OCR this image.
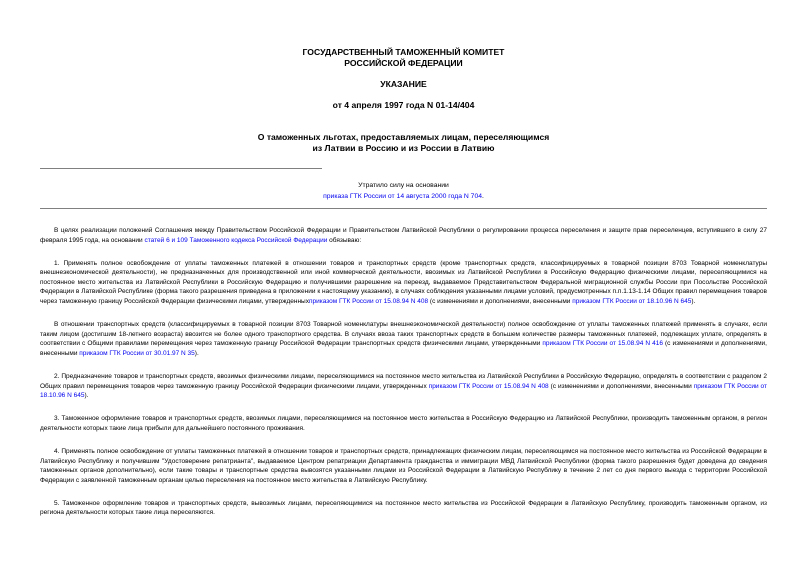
ГОСУДАРСТВЕННЫЙ ТАМОЖЕННЫЙ КОМИТЕТ
РОССИЙСКОЙ ФЕДЕРАЦИИ
УКАЗАНИЕ
от 4 апреля 1997 года N 01-14/404
О таможенных льготах, предоставляемых лицам, переселяющимся
из Латвии в Россию и из России в Латвию
Утратило силу на основании
приказа ГТК России от 14 августа 2000 года N 704.

В целях реализации положений Соглашения между Правительством Российской Федерации и Правительством Латвийской Республики о регулировании процесса переселения и защите прав переселенцев, вступившего в силу 27 февраля 1995 года, на основании статей 6 и 109 Таможенного кодекса Российской Федерации обязываю:

1. Применять полное освобождение от уплаты таможенных платежей в отношении товаров и транспортных средств (кроме транспортных средств, классифицируемых в товарной позиции 8703 Товарной номенклатуры внешнеэкономической деятельности), не предназначенных для производственной или иной коммерческой деятельности, ввозимых из Латвийской Республики в Российскую Федерацию физическими лицами, переселяющимися на постоянное место жительства из Латвийской Республики в Российскую Федерацию и получившими разрешение на переезд, выдаваемое Представительством Федеральной миграционной службы России при Посольстве Российской Федерации в Латвийской Республике (форма такого разрешения приведена в приложении к настоящему указанию), в случаях соблюдения указанными лицами условий, предусмотренных п.п.1.13-1.14 Общих правил перемещения товаров через таможенную границу Российской Федерации физическими лицами, утвержденныхприказом ГТК России от 15.08.94 N 408 (с изменениями и дополнениями, внесенными приказом ГТК России от 18.10.96 N 645).

В отношении транспортных средств (классифицируемых в товарной позиции 8703 Товарной номенклатуры внешнеэкономической деятельности) полное освобождение от уплаты таможенных платежей применять в случаях, если таким лицом (достигшим 18-летнего возраста) ввозится не более одного транспортного средства. В случаях ввоза таких транспортных средств в большем количестве размеры таможенных платежей, подлежащих уплате, определять в соответствии с Общими правилами перемещения через таможенную границу Российской Федерации транспортных средств физическими лицами, утвержденными приказом ГТК России от 15.08.94 N 416 (с изменениями и дополнениями, внесенными приказом ГТК России от 30.01.97 N 35).

2. Предназначение товаров и транспортных средств, ввозимых физическими лицами, переселяющимися на постоянное место жительства из Латвийской Республики в Российскую Федерацию, определять в соответствии с разделом 2 Общих правил перемещения товаров через таможенную границу Российской Федерации физическими лицами, утвержденных приказом ГТК России от 15.08.94 N 408 (с изменениями и дополнениями, внесенными приказом ГТК России от 18.10.96 N 645).

3. Таможенное оформление товаров и транспортных средств, ввозимых лицами, переселяющимися на постоянное место жительства в Российскую Федерацию из Латвийской Республики, производить таможенным органом, в регион деятельности которых такие лица прибыли для дальнейшего постоянного проживания.

4. Применять полное освобождение от уплаты таможенных платежей в отношении товаров и транспортных средств, принадлежащих физическим лицам, переселяющимся на постоянное место жительства из Российской Федерации в Латвийскую Республику и получившим "Удостоверение репатрианта", выдаваемое Центром репатриации Департамента гражданства и иммиграции МВД Латвийской Республики (форма такого разрешения будет доведена до сведения таможенных органов дополнительно), если такие товары и транспортные средства вывозятся указанными лицами из Российской Федерации в Латвийскую Республику в течение 2 лет со дня первого выезда с территории Российской Федерации с заявленной таможенным органам целью переселения на постоянное место жительства в Латвийскую Республику.

5. Таможенное оформление товаров и транспортных средств, вывозимых лицами, переселяющимися на постоянное место жительства из Российской Федерации в Латвийскую Республику, производить таможенным органом, из региона деятельности которых такие лица переселяются.
